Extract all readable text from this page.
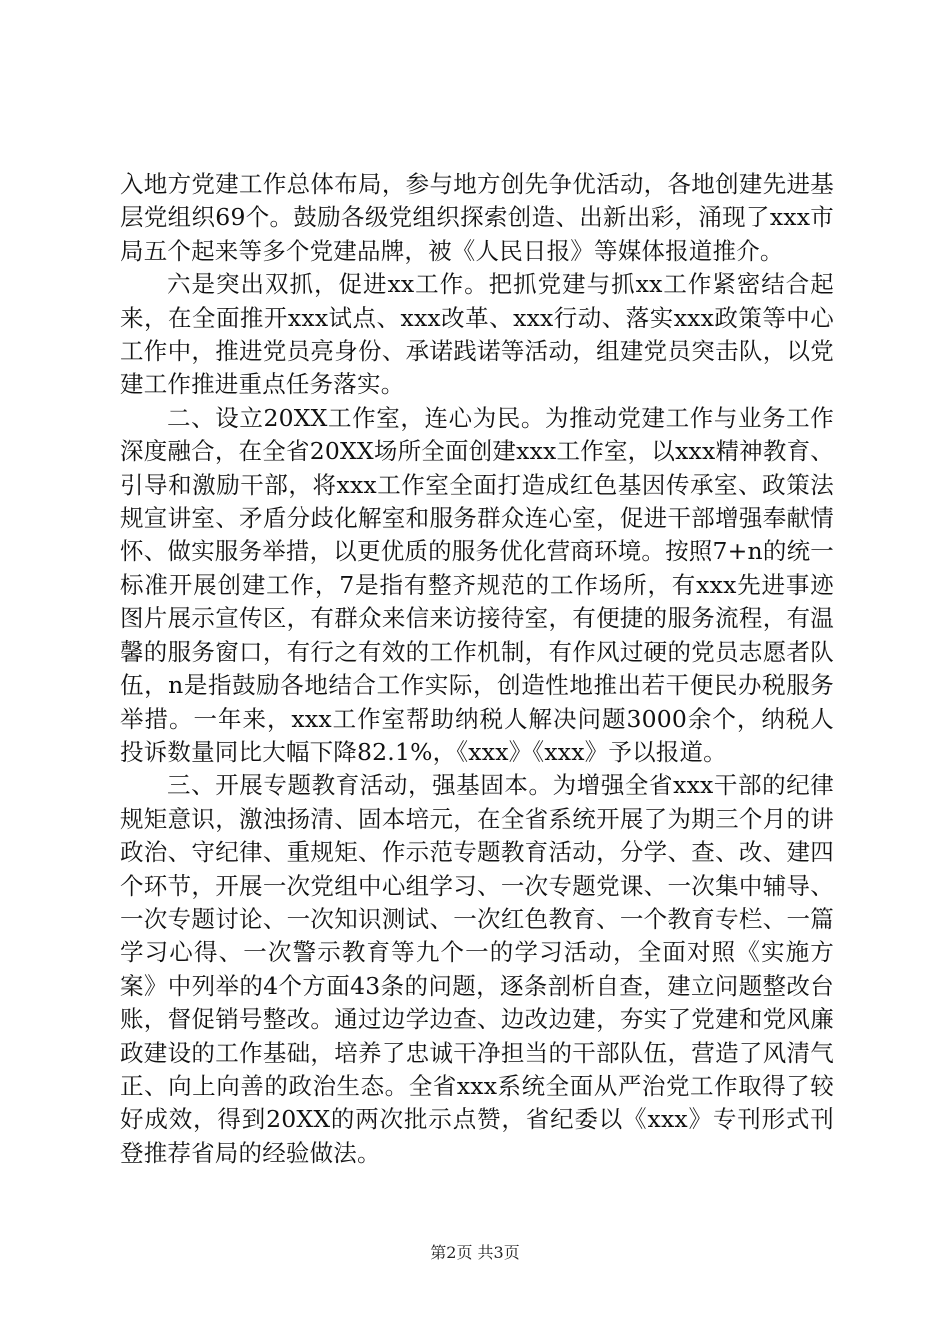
入地方党建工作总体布局，参与地方创先争优活动，各地创建先进基层党组织69个。鼓励各级党组织探索创造、出新出彩，涌现了xxx市局五个起来等多个党建品牌，被《人民日报》等媒体报道推介。

六是突出双抓，促进xx工作。把抓党建与抓xx工作紧密结合起来，在全面推开xxx试点、xxx改革、xxx行动、落实xxx政策等中心工作中，推进党员亮身份、承诺践诺等活动，组建党员突击队，以党建工作推进重点任务落实。

二、设立20XX工作室，连心为民。为推动党建工作与业务工作深度融合，在全省20XX场所全面创建xxx工作室，以xxx精神教育、引导和激励干部，将xxx工作室全面打造成红色基因传承室、政策法规宣讲室、矛盾分歧化解室和服务群众连心室，促进干部增强奉献情怀、做实服务举措，以更优质的服务优化营商环境。按照7+n的统一标准开展创建工作，7是指有整齐规范的工作场所，有xxx先进事迹图片展示宣传区，有群众来信来访接待室，有便捷的服务流程，有温馨的服务窗口，有行之有效的工作机制，有作风过硬的党员志愿者队伍，n是指鼓励各地结合工作实际，创造性地推出若干便民办税服务举措。一年来，xxx工作室帮助纳税人解决问题3000余个，纳税人投诉数量同比大幅下降82.1%，《xxx》《xxx》予以报道。

三、开展专题教育活动，强基固本。为增强全省xxx干部的纪律规矩意识，激浊扬清、固本培元，在全省系统开展了为期三个月的讲政治、守纪律、重规矩、作示范专题教育活动，分学、查、改、建四个环节，开展一次党组中心组学习、一次专题党课、一次集中辅导、一次专题讨论、一次知识测试、一次红色教育、一个教育专栏、一篇学习心得、一次警示教育等九个一的学习活动，全面对照《实施方案》中列举的4个方面43条的问题，逐条剖析自查，建立问题整改台账，督促销号整改。通过边学边查、边改边建，夯实了党建和党风廉政建设的工作基础，培养了忠诚干净担当的干部队伍，营造了风清气正、向上向善的政治生态。全省xxx系统全面从严治党工作取得了较好成效，得到20XX的两次批示点赞，省纪委以《xxx》专刊形式刊登推荐省局的经验做法。

第2页 共3页
